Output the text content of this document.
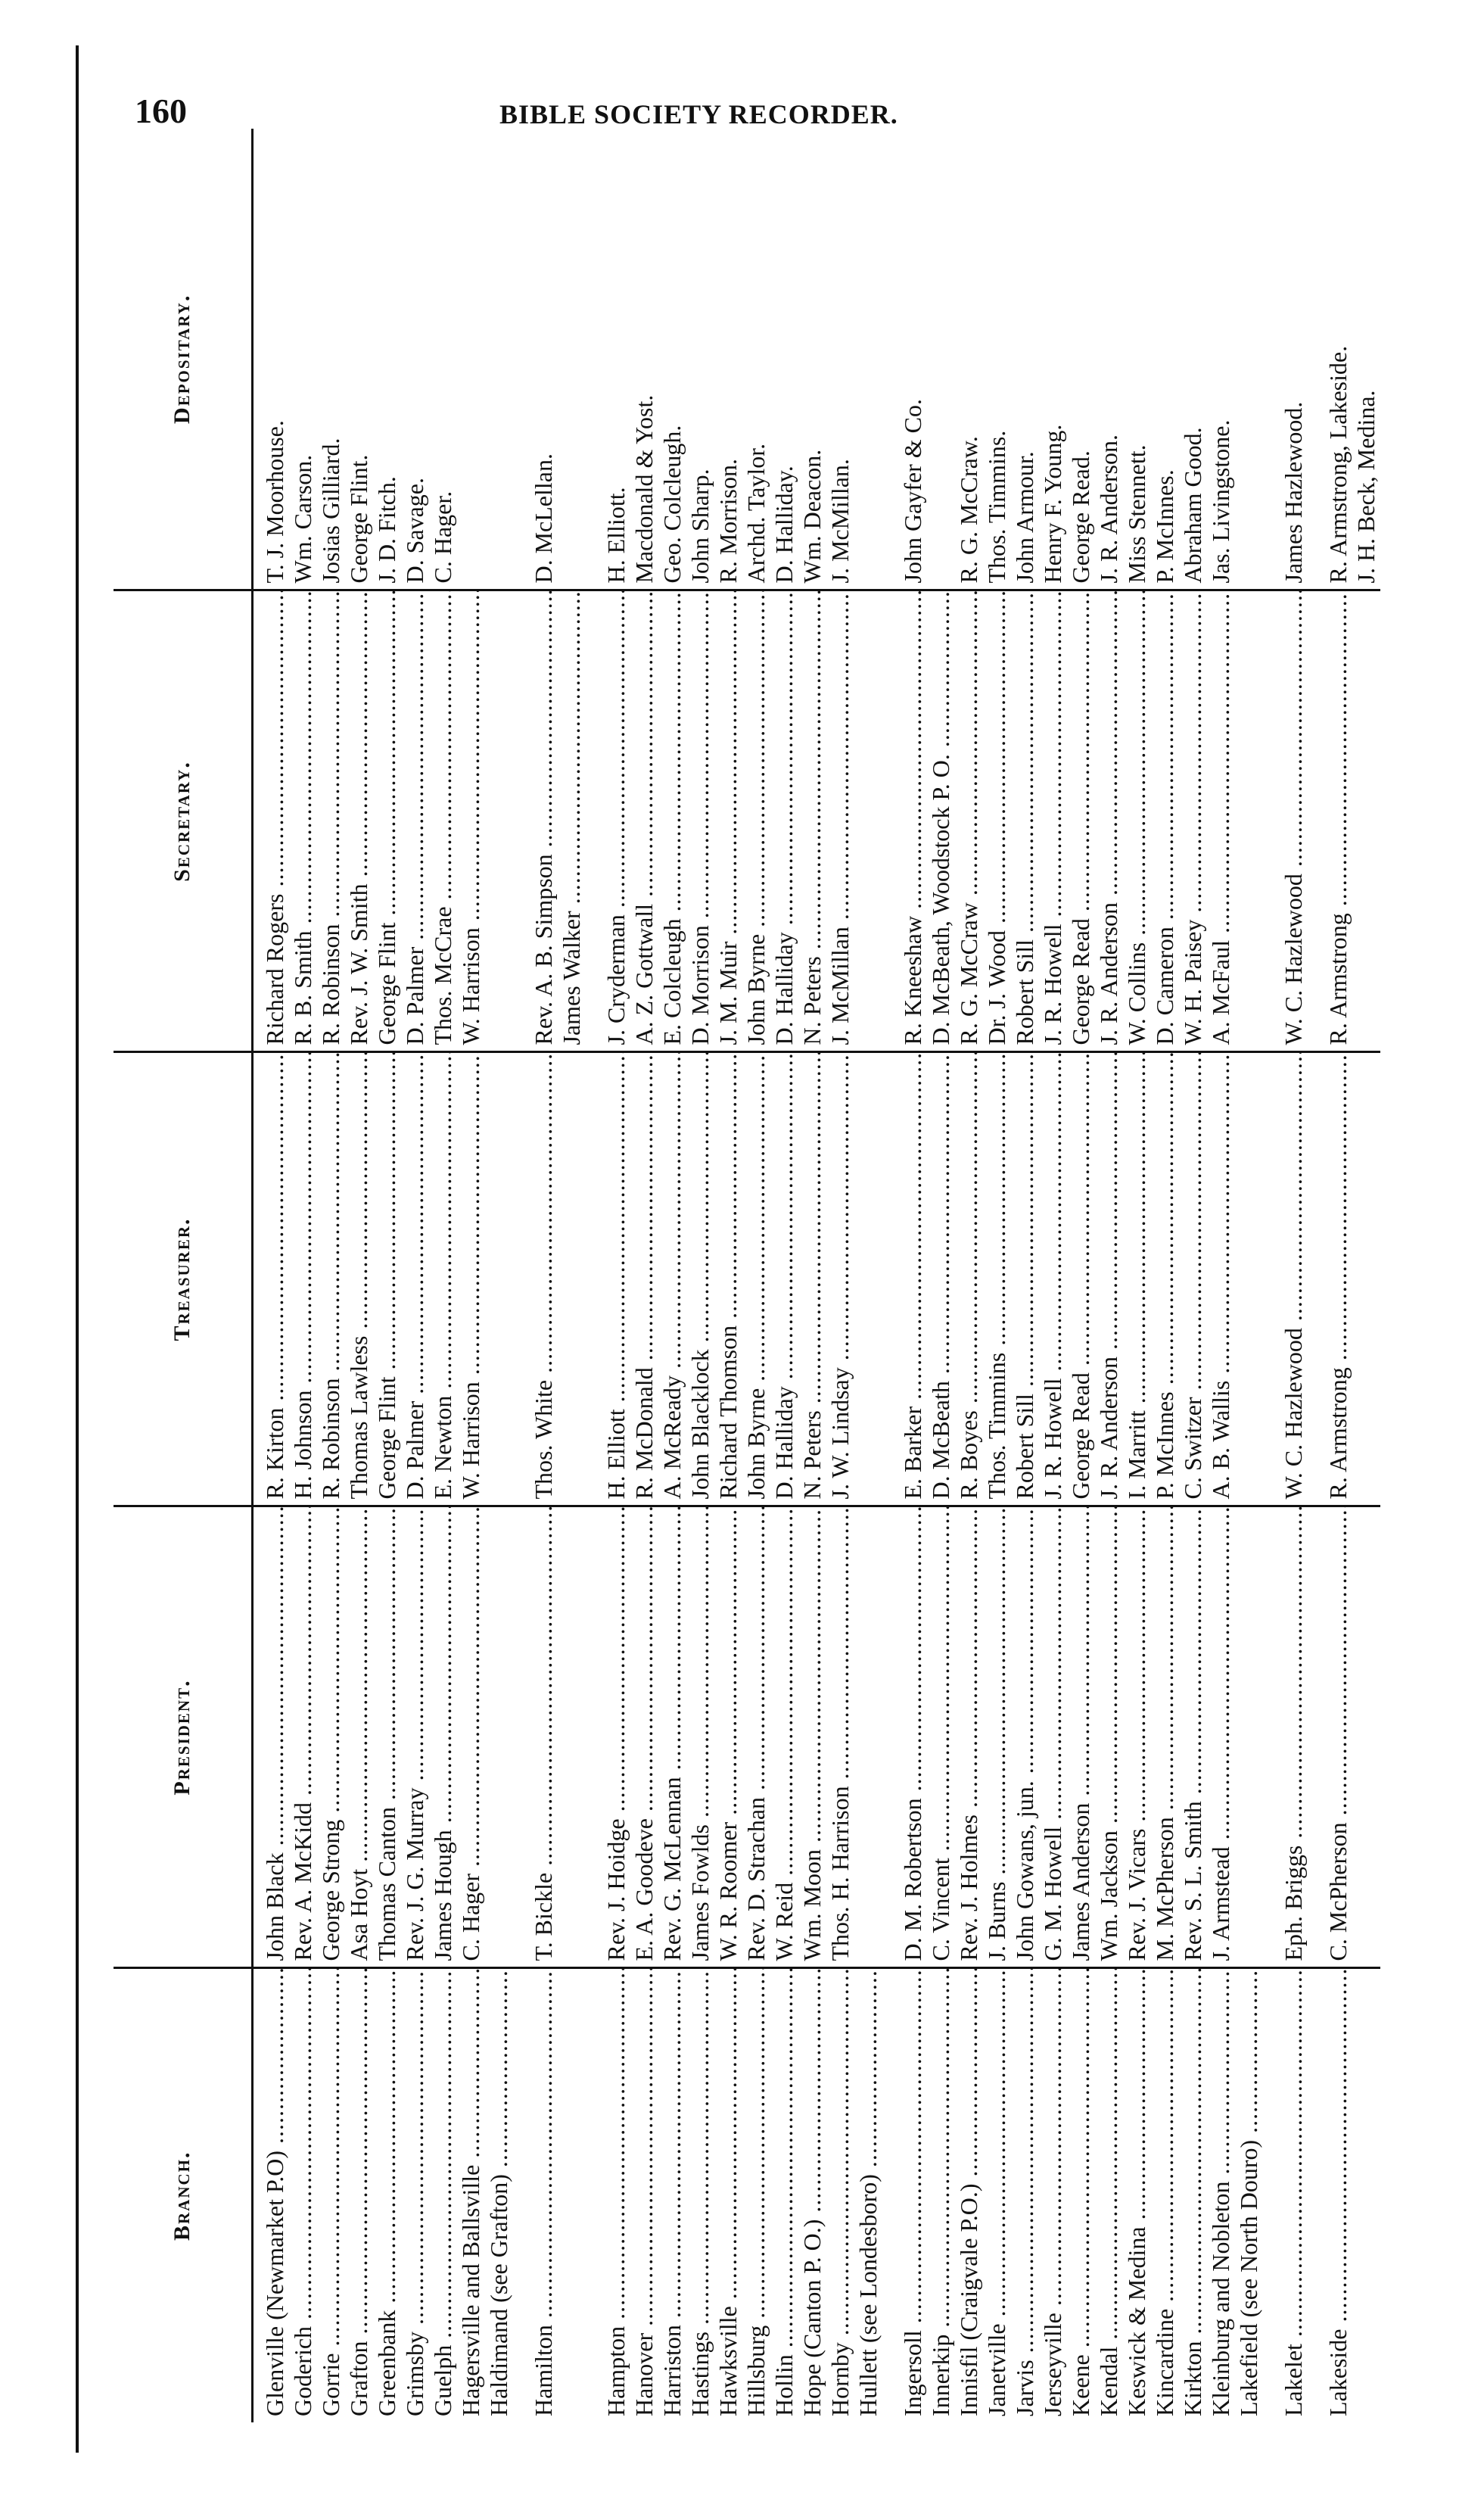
160	BIBLE SOCIETY RECORDER.
Branch.	President.	Treasurer.	Secretary.	Depositary.
Glenville (Newmarket P.O) .....	John Black .....	R. Kirton .....	Richard Rogers .....	T. J. Moorhouse.
Goderich .....	Rev. A. McKidd .....	H. Johnson .....	R. B. Smith .....	Wm. Carson.
Gorrie .....	George Strong .....	R. Robinson .....	R. Robinson .....	Josias Gilliard.
Grafton .....	Asa Hoyt .....	Thomas Lawless .....	Rev. J. W. Smith .....	George Flint.
Greenbank .....	Thomas Canton .....	George Flint .....	George Flint .....	J. D. Fitch.
Grimsby .....	Rev. J. G. Murray .....	D. Palmer .....	D. Palmer .....	D. Savage.
Guelph .....	James Hough .....	E. Newton .....	Thos. McCrae .....	C. Hager.
Hagersville and Ballsville .....	C. Hager .....	W. Harrison .....	W. Harrison .....	
Haldimand (see Grafton) .....				

Hamilton .....	T. Bickle .....	Thos. White .....	Rev. A. B. Simpson .....	D. McLellan.
			James Walker .....	

Hampton .....	Rev. J. Hoidge .....	H. Elliott .....	J. Cryderman .....	H. Elliott.
Hanover .....	E. A. Goodeve .....	R. McDonald .....	A. Z. Gottwall .....	Macdonald & Yost.
Harriston .....	Rev. G. McLennan .....	A. McReady .....	E. Colcleugh .....	Geo. Colcleugh.
Hastings .....	James Fowlds .....	John Blacklock .....	D. Morrison .....	John Sharp.
Hawksville .....	W. R. Roomer .....	Richard Thomson .....	J. M. Muir .....	R. Morrison.
Hillsburg .....	Rev. D. Strachan .....	John Byrne .....	John Byrne .....	Archd. Taylor.
Hollin .....	W. Reid .....	D. Halliday .....	D. Halliday .....	D. Halliday.
Hope (Canton P. O.) .....	Wm. Moon .....	N. Peters .....	N. Peters .....	Wm. Deacon.
Hornby .....	Thos. H. Harrison .....	J. W. Lindsay .....	J. McMillan .....	J. McMillan.
Hullett (see Londesboro) .....				

Ingersoll .....	D. M. Robertson .....	E. Barker .....	R. Kneeshaw .....	John Gayfer & Co.
Innerkip .....	C. Vincent .....	D. McBeath .....	D. McBeath, Woodstock P. O. .....	
Innisfil (Craigvale P.O.) .....	Rev. J. Holmes .....	R. Boyes .....	R. G. McCraw .....	R. G. McCraw.
Janetville .....	J. Burns .....	Thos. Timmins .....	Dr. J. Wood .....	Thos. Timmins.
Jarvis .....	John Gowans, jun. .....	Robert Sill .....	Robert Sill .....	John Armour.
Jerseyville .....	G. M. Howell .....	J. R. Howell .....	J. R. Howell .....	Henry F. Young.
Keene .....	James Anderson .....	George Read .....	George Read .....	George Read.
Kendal .....	Wm. Jackson .....	J. R. Anderson .....	J. R. Anderson .....	J. R. Anderson.
Keswick & Medina .....	Rev. J. Vicars .....	I. Marritt .....	W. Collins .....	Miss Stennett.
Kincardine .....	M. McPherson .....	P. McInnes .....	D. Cameron .....	P. McInnes.
Kirkton .....	Rev. S. L. Smith .....	C. Switzer .....	W. H. Paisey .....	Abraham Good.
Kleinburg and Nobleton .....	J. Armstead .....	A. B. Wallis .....	A. McFaul .....	Jas. Livingstone.
Lakefield (see North Douro) .....				

Lakelet .....	Eph. Briggs .....	W. C. Hazlewood .....	W. C. Hazlewood .....	James Hazlewood.

Lakeside .....	C. McPherson .....	R. Armstrong .....	R. Armstrong .....	R. Armstrong, Lakeside.
				J. H. Beck, Medina.
